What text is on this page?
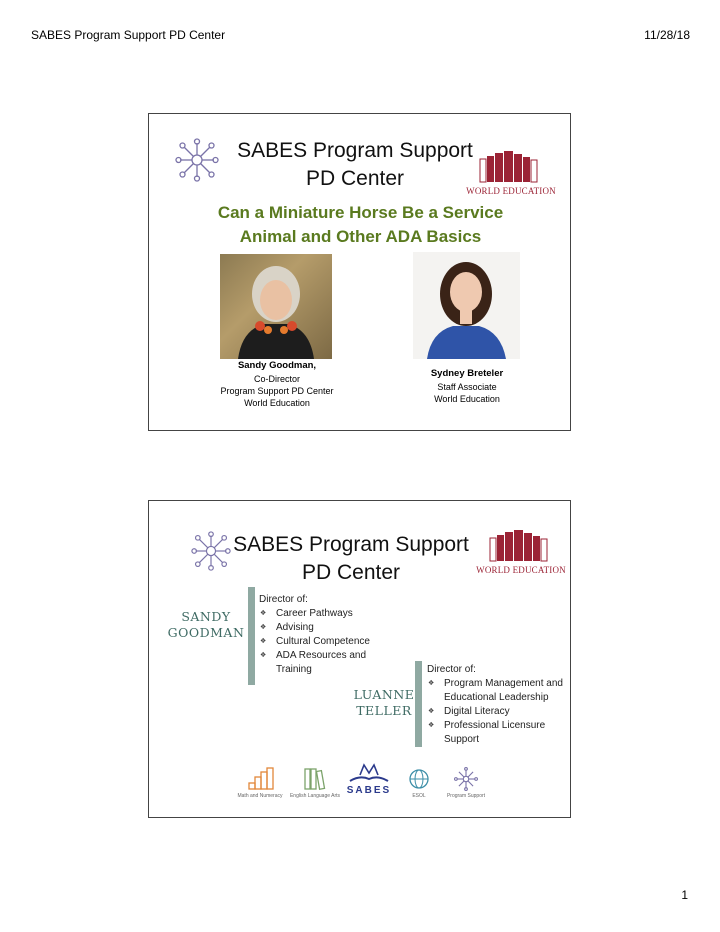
SABES Program Support PD Center	11/28/18
SABES Program Support
PD Center
WORLD EDUCATION
Can a Miniature Horse Be a Service
Animal and Other ADA Basics
Sandy Goodman,
Co-Director
Program Support PD Center
World Education
Sydney Breteler
Staff Associate
World Education
SABES Program Support
PD Center	WORLD EDUCATION
SANDY
GOODMAN
Director of:
❖ Career Pathways
❖ Advising
❖ Cultural Competence
❖ ADA Resources and Training
LUANNE
TELLER
Director of:
❖ Program Management and Educational Leadership
❖ Digital Literacy
❖ Professional Licensure Support
Math and Numeracy	English Language Arts SABES	ESOL	Program Support
1
